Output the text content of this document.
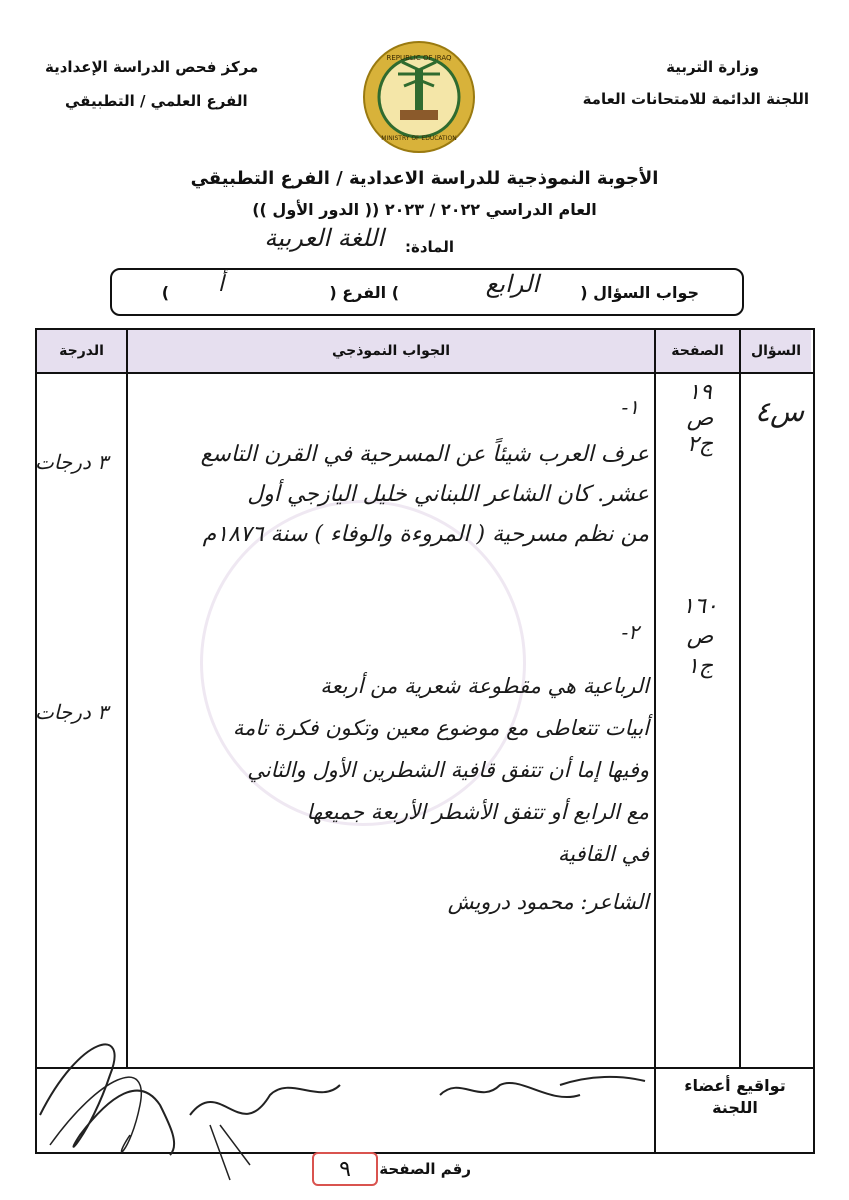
وزارة التربية
اللجنة الدائمة للامتحانات العامة
مركز فحص الدراسة الإعدادية
الفرع العلمي / التطبيقي
REPUBLIC OF IRAQ
MINISTRY OF EDUCATION
الأجوبة النموذجية للدراسة الاعدادية / الفرع التطبيقي
العام الدراسي ٢٠٢٢ / ٢٠٢٣ (( الدور الأول ))
المادة:
اللغة العربية
جواب السؤال (
الرابع
) الفرع (
أ
)
السؤال
الصفحة
الجواب النموذجي
الدرجة
س٤
١-
١٩
ص
ج٢
عرف العرب شيئاً عن المسرحية في القرن التاسع
عشر. كان الشاعر اللبناني خليل اليازجي أول
من نظم مسرحية ( المروءة والوفاء ) سنة ١٨٧٦م
٣ درجات
٢-
١٦٠
ص
ج١
الرباعية هي مقطوعة شعرية من أربعة
أبيات تتعاطى مع موضوع معين وتكون فكرة تامة
وفيها إما أن تتفق قافية الشطرين الأول والثاني
مع الرابع أو تتفق الأشطر الأربعة جميعها
في القافية
الشاعر: محمود درويش
٣ درجات
تواقيع أعضاء اللجنة
رقم الصفحة
٩
